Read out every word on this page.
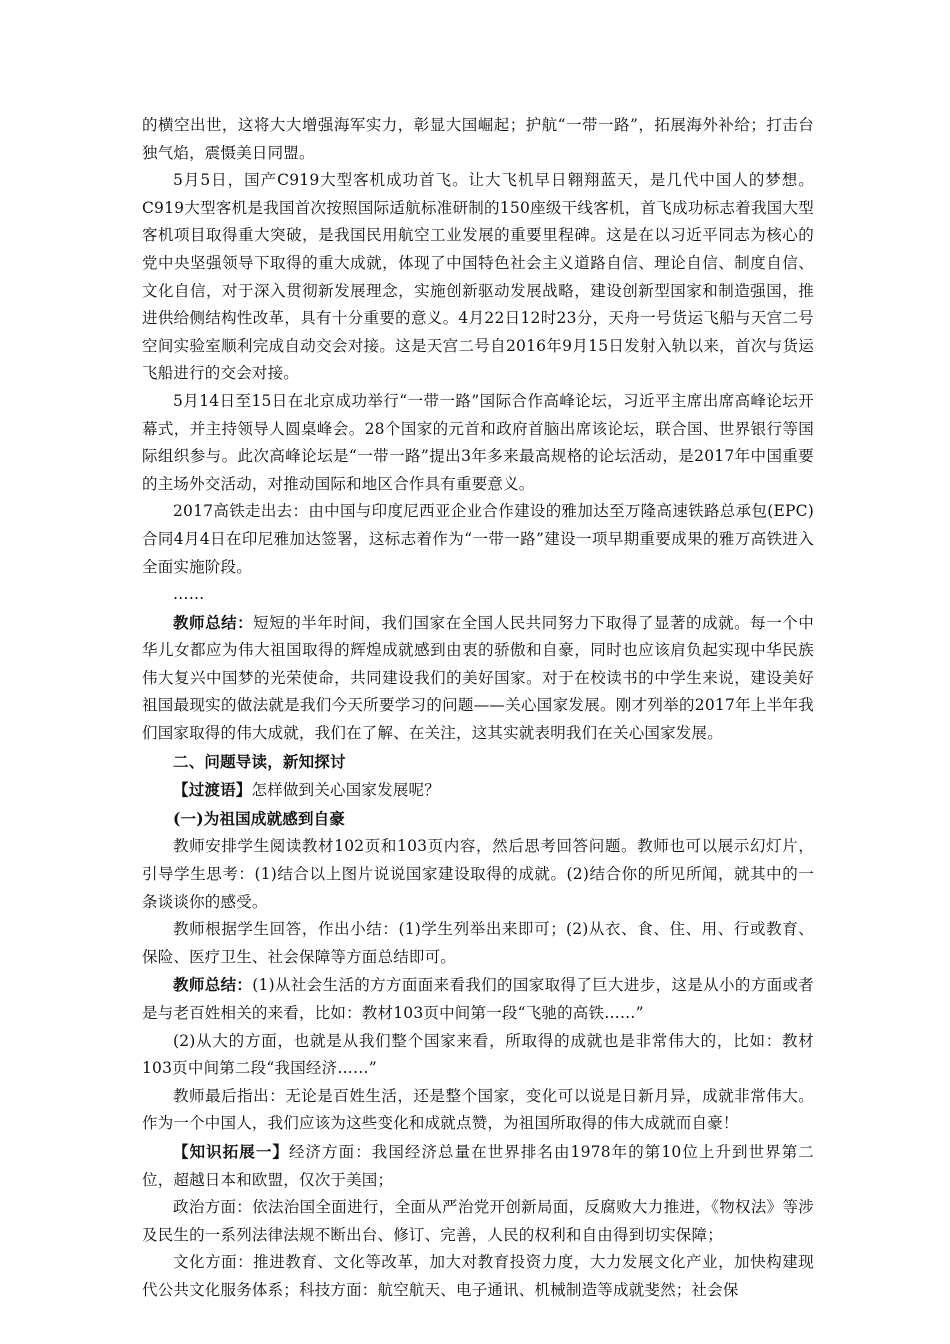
的横空出世，这将大大增强海军实力，彰显大国崛起；护航“一带一路”，拓展海外补给；打击台独气焰，震慑美日同盟。

5月5日，国产C919大型客机成功首飞。让大飞机早日翱翔蓝天，是几代中国人的梦想。C919大型客机是我国首次按照国际适航标准研制的150座级干线客机，首飞成功标志着我国大型客机项目取得重大突破，是我国民用航空工业发展的重要里程碑。这是在以习近平同志为核心的党中央坚强领导下取得的重大成就，体现了中国特色社会主义道路自信、理论自信、制度自信、文化自信，对于深入贯彻新发展理念，实施创新驱动发展战略，建设创新型国家和制造强国，推进供给侧结构性改革，具有十分重要的意义。4月22日12时23分，天舟一号货运飞船与天宫二号空间实验室顺利完成自动交会对接。这是天宫二号自2016年9月15日发射入轨以来，首次与货运飞船进行的交会对接。

5月14日至15日在北京成功举行“一带一路”国际合作高峰论坛，习近平主席出席高峰论坛开幕式，并主持领导人圆桌峰会。28个国家的元首和政府首脑出席该论坛，联合国、世界银行等国际组织参与。此次高峰论坛是“一带一路”提出3年多来最高规格的论坛活动，是2017年中国重要的主场外交活动，对推动国际和地区合作具有重要意义。

2017高铁走出去：由中国与印度尼西亚企业合作建设的雅加达至万隆高速铁路总承包(EPC)合同4月4日在印尼雅加达签署，这标志着作为“一带一路”建设一项早期重要成果的雅万高铁进入全面实施阶段。

……

教师总结：短短的半年时间，我们国家在全国人民共同努力下取得了显著的成就。每一个中华儿女都应为伟大祖国取得的辉煌成就感到由衷的骄傲和自豪，同时也应该肩负起实现中华民族伟大复兴中国梦的光荣使命，共同建设我们的美好国家。对于在校读书的中学生来说，建设美好祖国最现实的做法就是我们今天所要学习的问题——关心国家发展。刚才列举的2017年上半年我们国家取得的伟大成就，我们在了解、在关注，这其实就表明我们在关心国家发展。

二、问题导读，新知探讨

【过渡语】怎样做到关心国家发展呢？

(一)为祖国成就感到自豪

教师安排学生阅读教材102页和103页内容，然后思考回答问题。教师也可以展示幻灯片，引导学生思考：(1)结合以上图片说说国家建设取得的成就。(2)结合你的所见所闻，就其中的一条谈谈你的感受。

教师根据学生回答，作出小结：(1)学生列举出来即可；(2)从衣、食、住、用、行或教育、保险、医疗卫生、社会保障等方面总结即可。

教师总结：(1)从社会生活的方方面面来看我们的国家取得了巨大进步，这是从小的方面或者是与老百姓相关的来看，比如：教材103页中间第一段“飞驰的高铁……”

(2)从大的方面，也就是从我们整个国家来看，所取得的成就也是非常伟大的，比如：教材103页中间第二段“我国经济……”

教师最后指出：无论是百姓生活，还是整个国家，变化可以说是日新月异，成就非常伟大。作为一个中国人，我们应该为这些变化和成就点赞，为祖国所取得的伟大成就而自豪！

【知识拓展一】经济方面：我国经济总量在世界排名由1978年的第10位上升到世界第二位，超越日本和欧盟，仅次于美国；

政治方面：依法治国全面进行，全面从严治党开创新局面，反腐败大力推进，《物权法》等涉及民生的一系列法律法规不断出台、修订、完善，人民的权利和自由得到切实保障；

文化方面：推进教育、文化等改革，加大对教育投资力度，大力发展文化产业，加快构建现代公共文化服务体系；科技方面：航空航天、电子通讯、机械制造等成就斐然；社会保
